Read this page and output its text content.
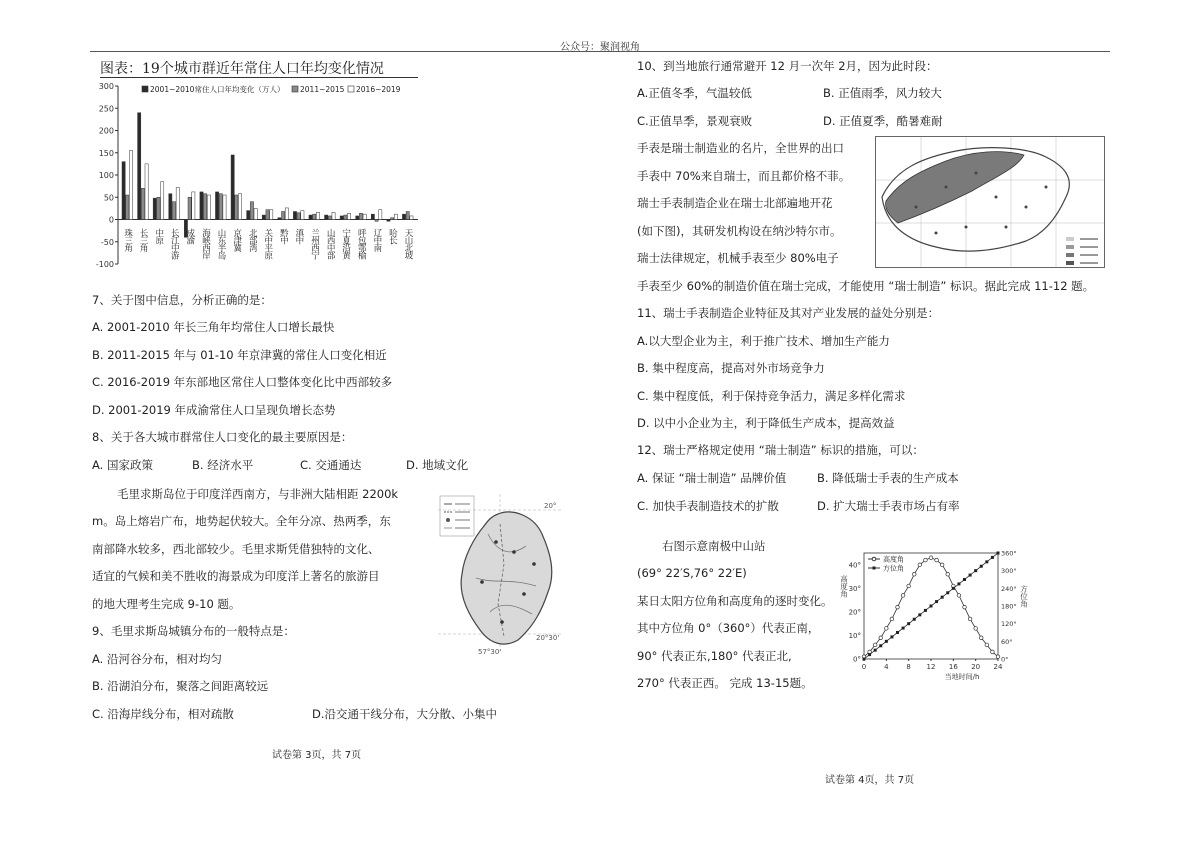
公众号：聚润视角
图表：19个城市群近年常住人口年均变化情况
-100
-50
0
50
100
150
200
250
300	2001~2010常住人口年均变化（万人） 2011~2015 2016~2019
珠三角 长三角 中原 长江中游 成渝 海峡西岸 山东半岛 京津冀 北部湾 关中平原 黔中 滇中 兰州西宁 山西中部 宁夏沿黄 呼包鄂榆 辽中南 哈长 天山北坡
7、关于图中信息，分析正确的是：
A. 2001-2010 年长三角年均常住人口增长最快
B. 2011-2015 年与 01-10 年京津冀的常住人口变化相近
C. 2016-2019 年东部地区常住人口整体变化比中西部较多
D. 2001-2019 年成渝常住人口呈现负增长态势
8、关于各大城市群常住人口变化的最主要原因是：
A. 国家政策	B. 经济水平	C. 交通通达	D. 地域文化
毛里求斯岛位于印度洋西南方，与非洲大陆相距 2200k
m。岛上熔岩广布，地势起伏较大。全年分凉、热两季，东
南部降水较多，西北部较少。毛里求斯凭借独特的文化、
适宜的气候和美不胜收的海景成为印度洋上著名的旅游目
的地大理考生完成 9-10 题。
9、毛里求斯岛城镇分布的一般特点是：
A. 沿河谷分布，相对均匀
B. 沿湖泊分布，聚落之间距离较远
C. 沿海岸线分布，相对疏散	D.沿交通干线分布，大分散、小集中
20°
20°30'
57°30'
试卷第 3页，共 7页
10、到当地旅行通常避开 12 月一次年 2月，因为此时段：
A.正值冬季，气温较低	B. 正值雨季，风力较大
C.正值旱季，景观衰败	D. 正值夏季，酷暑难耐
手表是瑞士制造业的名片，全世界的出口
手表中 70%来自瑞士，而且都价格不菲。
瑞士手表制造企业在瑞士北部遍地开花
(如下图)，其研发机构设在纳沙特尔市。
瑞士法律规定，机械手表至少 80%电子
手表至少 60%的制造价值在瑞士完成，才能使用 “瑞士制造” 标识。据此完成 11-12 题。
11、瑞士手表制造企业特征及其对产业发展的益处分别是：
A.以大型企业为主，利于推广技术、增加生产能力
B. 集中程度高，提高对外市场竞争力
C. 集中程度低，利于保持竞争活力，满足多样化需求
D. 以中小企业为主，利于降低生产成本，提高效益
12、瑞士严格规定使用 “瑞士制造” 标识的措施，可以：
A. 保证 “瑞士制造” 品牌价值	B. 降低瑞士手表的生产成本
C. 加快手表制造技术的扩散	D. 扩大瑞士手表市场占有率
右图示意南极中山站
(69° 22′S,76° 22′E)
某日太阳方位角和高度角的逐时变化。
其中方位角 0°（360°）代表正南，
90° 代表正东,180° 代表正北,
270° 代表正西。 完成 13-15题。
0	4	8 12 16 20 24
0°
10°
20°
30°
40°
0°
60°
120°
180°
240°
300°
360°
当地时间/h
高度角	方位角
高度角
方位角
试卷第 4页，共 7页
